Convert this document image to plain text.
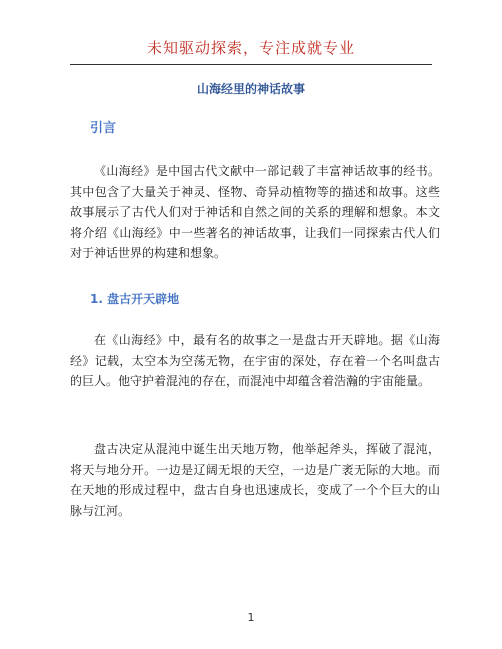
未知驱动探索，专注成就专业
山海经里的神话故事
引言

《山海经》是中国古代文献中一部记载了丰富神话故事的经书。其中包含了大量关于神灵、怪物、奇异动植物等的描述和故事。这些故事展示了古代人们对于神话和自然之间的关系的理解和想象。本文将介绍《山海经》中一些著名的神话故事，让我们一同探索古代人们对于神话世界的构建和想象。

1. 盘古开天辟地

在《山海经》中，最有名的故事之一是盘古开天辟地。据《山海经》记载，太空本为空荡无物，在宇宙的深处，存在着一个名叫盘古的巨人。他守护着混沌的存在，而混沌中却蕴含着浩瀚的宇宙能量。

盘古决定从混沌中诞生出天地万物，他举起斧头，挥破了混沌，将天与地分开。一边是辽阔无垠的天空，一边是广袤无际的大地。而在天地的形成过程中，盘古自身也迅速成长，变成了一个个巨大的山脉与江河。

1
